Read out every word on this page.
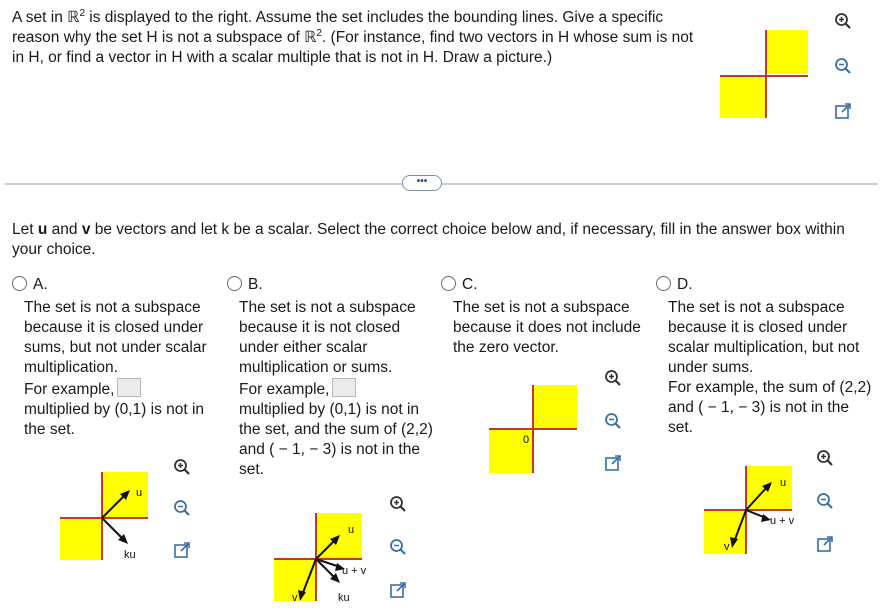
A set in ℝ$^2$ is displayed to the right. Assume the set includes the bounding lines. Give a specific reason why the set H is not a subspace of ℝ$^2$. (For instance, find two vectors in H whose sum is not in H, or find a vector in H with a scalar multiple that is not in H. Draw a picture.)
•••
Let u and v be vectors and let k be a scalar. Select the correct choice below and, if necessary, fill in the answer box within your choice.
A.
The set is not a subspace because it is closed under sums, but not under scalar multiplication.
For example,
multiplied by (0,1) is not in the set.
u
ku
B.
The set is not a subspace because it is not closed under either scalar multiplication or sums.
For example,
multiplied by (0,1) is not in the set, and the sum of (2,2) and ( − 1, − 3) is not in the set.
u
u + v
v	ku
C.
The set is not a subspace because it does not include the zero vector.
0
D.
The set is not a subspace because it is closed under scalar multiplication, but not under sums.
For example, the sum of (2,2) and ( − 1, − 3) is not in the set.
u
u + v
v
